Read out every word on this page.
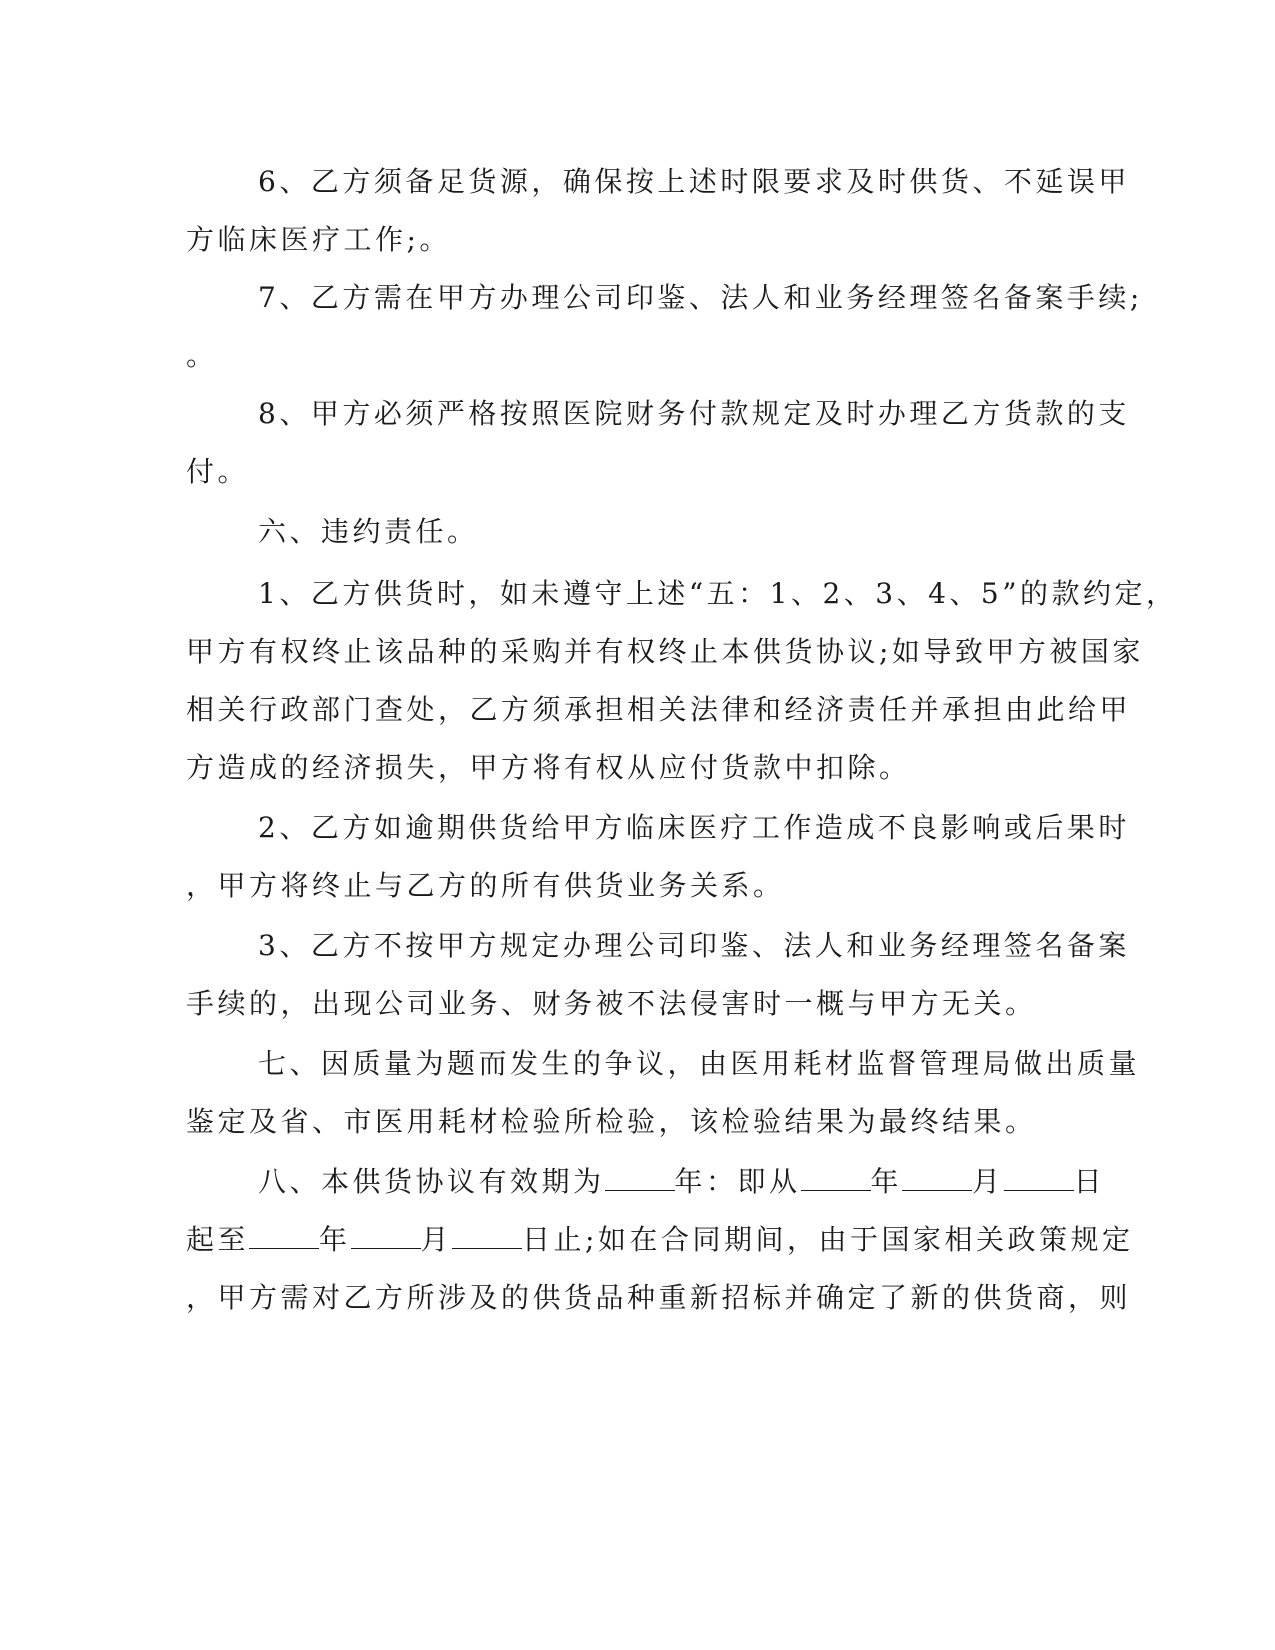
6、乙方须备足货源，确保按上述时限要求及时供货、不延误甲
方临床医疗工作;。
7、乙方需在甲方办理公司印鉴、法人和业务经理签名备案手续;
。
8、甲方必须严格按照医院财务付款规定及时办理乙方货款的支
付。
六、违约责任。
1、乙方供货时，如未遵守上述“五：1、2、3、4、5”的款约定，
甲方有权终止该品种的采购并有权终止本供货协议;如导致甲方被国家
相关行政部门查处，乙方须承担相关法律和经济责任并承担由此给甲
方造成的经济损失，甲方将有权从应付货款中扣除。
2、乙方如逾期供货给甲方临床医疗工作造成不良影响或后果时
，甲方将终止与乙方的所有供货业务关系。
3、乙方不按甲方规定办理公司印鉴、法人和业务经理签名备案
手续的，出现公司业务、财务被不法侵害时一概与甲方无关。
七、因质量为题而发生的争议，由医用耗材监督管理局做出质量
鉴定及省、市医用耗材检验所检验，该检验结果为最终结果。
八、本供货协议有效期为	年：即从	年	月	日
起至	年	月	日止;如在合同期间，由于国家相关政策规定
，甲方需对乙方所涉及的供货品种重新招标并确定了新的供货商，则
